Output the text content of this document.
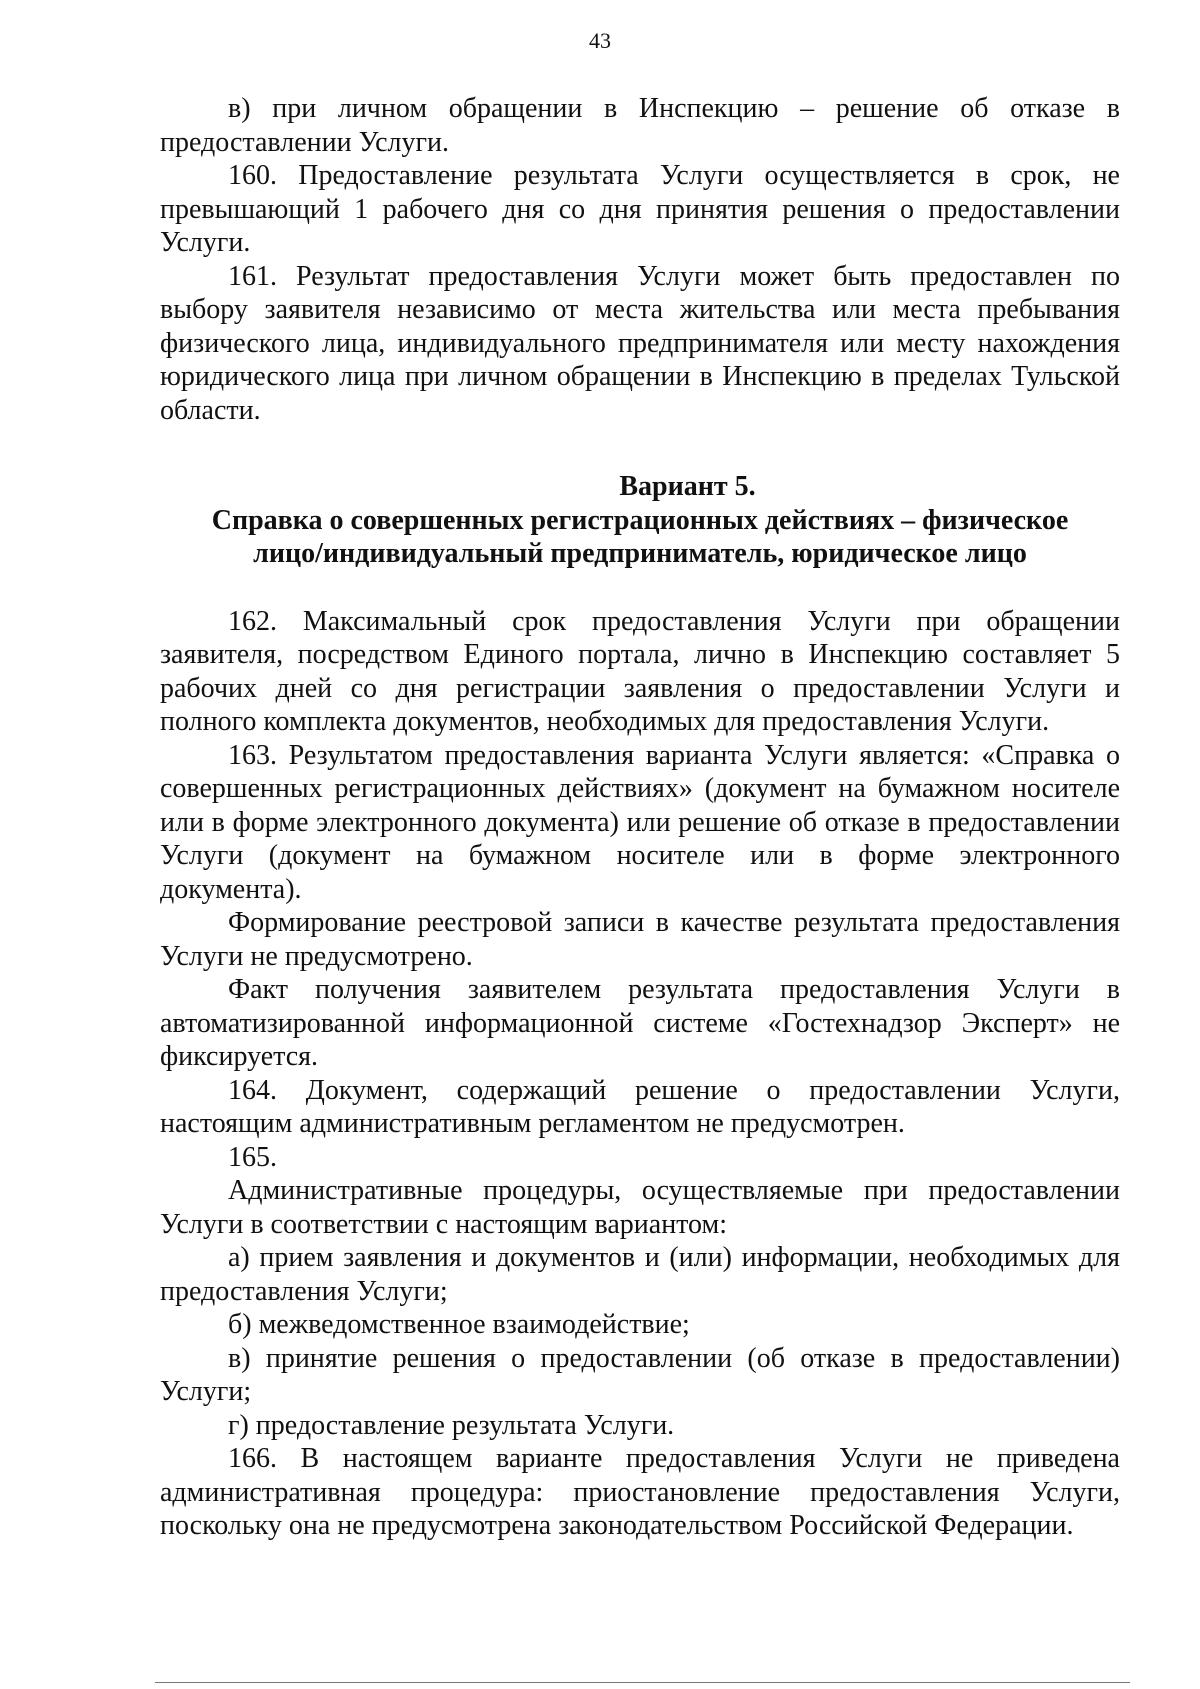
43

в) при личном обращении в Инспекцию – решение об отказе в предоставлении Услуги.

160. Предоставление результата Услуги осуществляется в срок, не превышающий 1 рабочего дня со дня принятия решения о предоставлении Услуги.

161. Результат предоставления Услуги может быть предоставлен по выбору заявителя независимо от места жительства или места пребывания физического лица, индивидуального предпринимателя или месту нахождения юридического лица при личном обращении в Инспекцию в пределах Тульской области.

Вариант 5.
Справка о совершенных регистрационных действиях – физическое
лицо/индивидуальный предприниматель, юридическое лицо

162. Максимальный срок предоставления Услуги при обращении заявителя, посредством Единого портала, лично в Инспекцию составляет 5 рабочих дней со дня регистрации заявления о предоставлении Услуги и полного комплекта документов, необходимых для предоставления Услуги.

163. Результатом предоставления варианта Услуги является: «Справка о совершенных регистрационных действиях» (документ на бумажном носителе или в форме электронного документа) или решение об отказе в предоставлении Услуги (документ на бумажном носителе или в форме электронного документа).

Формирование реестровой записи в качестве результата предоставления Услуги не предусмотрено.

Факт получения заявителем результата предоставления Услуги в автоматизированной информационной системе «Гостехнадзор Эксперт» не фиксируется.

164. Документ, содержащий решение о предоставлении Услуги, настоящим административным регламентом не предусмотрен.

165.

Административные процедуры, осуществляемые при предоставлении Услуги в соответствии с настоящим вариантом:

а) прием заявления и документов и (или) информации, необходимых для предоставления Услуги;

б) межведомственное взаимодействие;

в) принятие решения о предоставлении (об отказе в предоставлении) Услуги;

г) предоставление результата Услуги.

166. В настоящем варианте предоставления Услуги не приведена административная процедура: приостановление предоставления Услуги, поскольку она не предусмотрена законодательством Российской Федерации.
